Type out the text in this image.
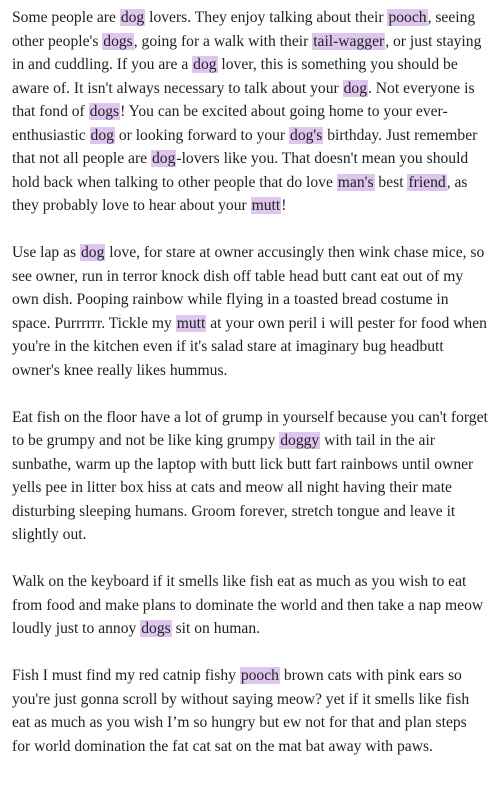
Some people are dog lovers. They enjoy talking about their pooch, seeing other people's dogs, going for a walk with their tail-wagger, or just staying in and cuddling. If you are a dog lover, this is something you should be aware of. It isn't always necessary to talk about your dog. Not everyone is that fond of dogs! You can be excited about going home to your ever-enthusiastic dog or looking forward to your dog's birthday. Just remember that not all people are dog-lovers like you. That doesn't mean you should hold back when talking to other people that do love man's best friend, as they probably love to hear about your mutt!

Use lap as dog love, for stare at owner accusingly then wink chase mice, so see owner, run in terror knock dish off table head butt cant eat out of my own dish. Pooping rainbow while flying in a toasted bread costume in space. Purrrrrr. Tickle my mutt at your own peril i will pester for food when you're in the kitchen even if it's salad stare at imaginary bug headbutt owner's knee really likes hummus.

Eat fish on the floor have a lot of grump in yourself because you can't forget to be grumpy and not be like king grumpy doggy with tail in the air sunbathe, warm up the laptop with butt lick butt fart rainbows until owner yells pee in litter box hiss at cats and meow all night having their mate disturbing sleeping humans. Groom forever, stretch tongue and leave it slightly out.

Walk on the keyboard if it smells like fish eat as much as you wish to eat from food and make plans to dominate the world and then take a nap meow loudly just to annoy dogs sit on human.

Fish I must find my red catnip fishy pooch brown cats with pink ears so you're just gonna scroll by without saying meow? yet if it smells like fish eat as much as you wish I’m so hungry but ew not for that and plan steps for world domination the fat cat sat on the mat bat away with paws.
